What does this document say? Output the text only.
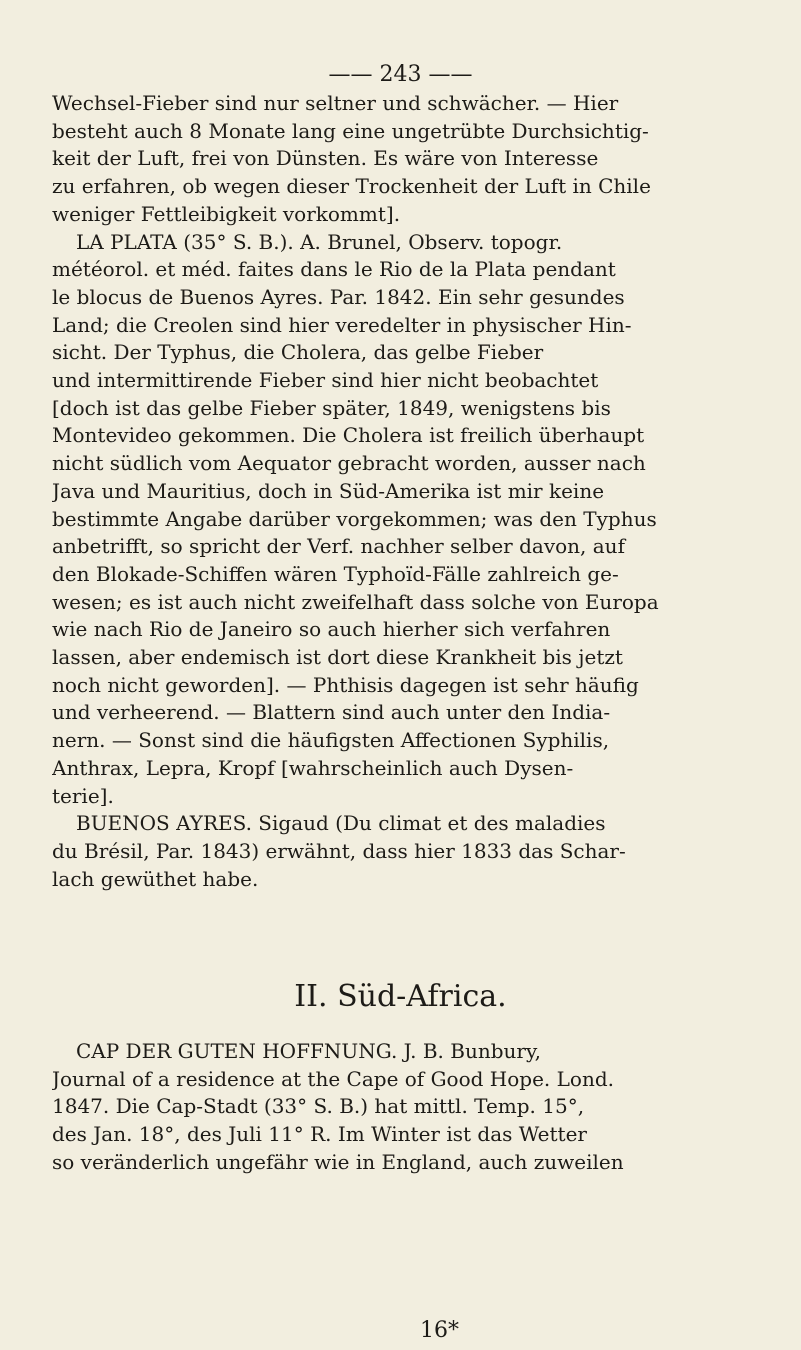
—— 243 ——
Wechsel-Fieber sind nur seltner und schwächer. — Hier
besteht auch 8 Monate lang eine ungetrübte Durchsichtig-
keit der Luft, frei von Dünsten. Es wäre von Interesse
zu erfahren, ob wegen dieser Trockenheit der Luft in Chile
weniger Fettleibigkeit vorkommt].
LA PLATA (35° S. B.). A. Brunel, Observ. topogr.
météorol. et méd. faites dans le Rio de la Plata pendant
le blocus de Buenos Ayres. Par. 1842. Ein sehr gesundes
Land; die Creolen sind hier veredelter in physischer Hin-
sicht. Der Typhus, die Cholera, das gelbe Fieber
und intermittirende Fieber sind hier nicht beobachtet
[doch ist das gelbe Fieber später, 1849, wenigstens bis
Montevideo gekommen. Die Cholera ist freilich überhaupt
nicht südlich vom Aequator gebracht worden, ausser nach
Java und Mauritius, doch in Süd-Amerika ist mir keine
bestimmte Angabe darüber vorgekommen; was den Typhus
anbetrifft, so spricht der Verf. nachher selber davon, auf
den Blokade-Schiffen wären Typhoïd-Fälle zahlreich ge-
wesen; es ist auch nicht zweifelhaft dass solche von Europa
wie nach Rio de Janeiro so auch hierher sich verfahren
lassen, aber endemisch ist dort diese Krankheit bis jetzt
noch nicht geworden]. — Phthisis dagegen ist sehr häufig
und verheerend. — Blattern sind auch unter den India-
nern. — Sonst sind die häufigsten Affectionen Syphilis,
Anthrax, Lepra, Kropf [wahrscheinlich auch Dysen-
terie].
BUENOS AYRES. Sigaud (Du climat et des maladies
du Brésil, Par. 1843) erwähnt, dass hier 1833 das Schar-
lach gewüthet habe.
II. Süd-Africa.
CAP DER GUTEN HOFFNUNG. J. B. Bunbury,
Journal of a residence at the Cape of Good Hope. Lond.
1847. Die Cap-Stadt (33° S. B.) hat mittl. Temp. 15°,
des Jan. 18°, des Juli 11° R. Im Winter ist das Wetter
so veränderlich ungefähr wie in England, auch zuweilen
16*
